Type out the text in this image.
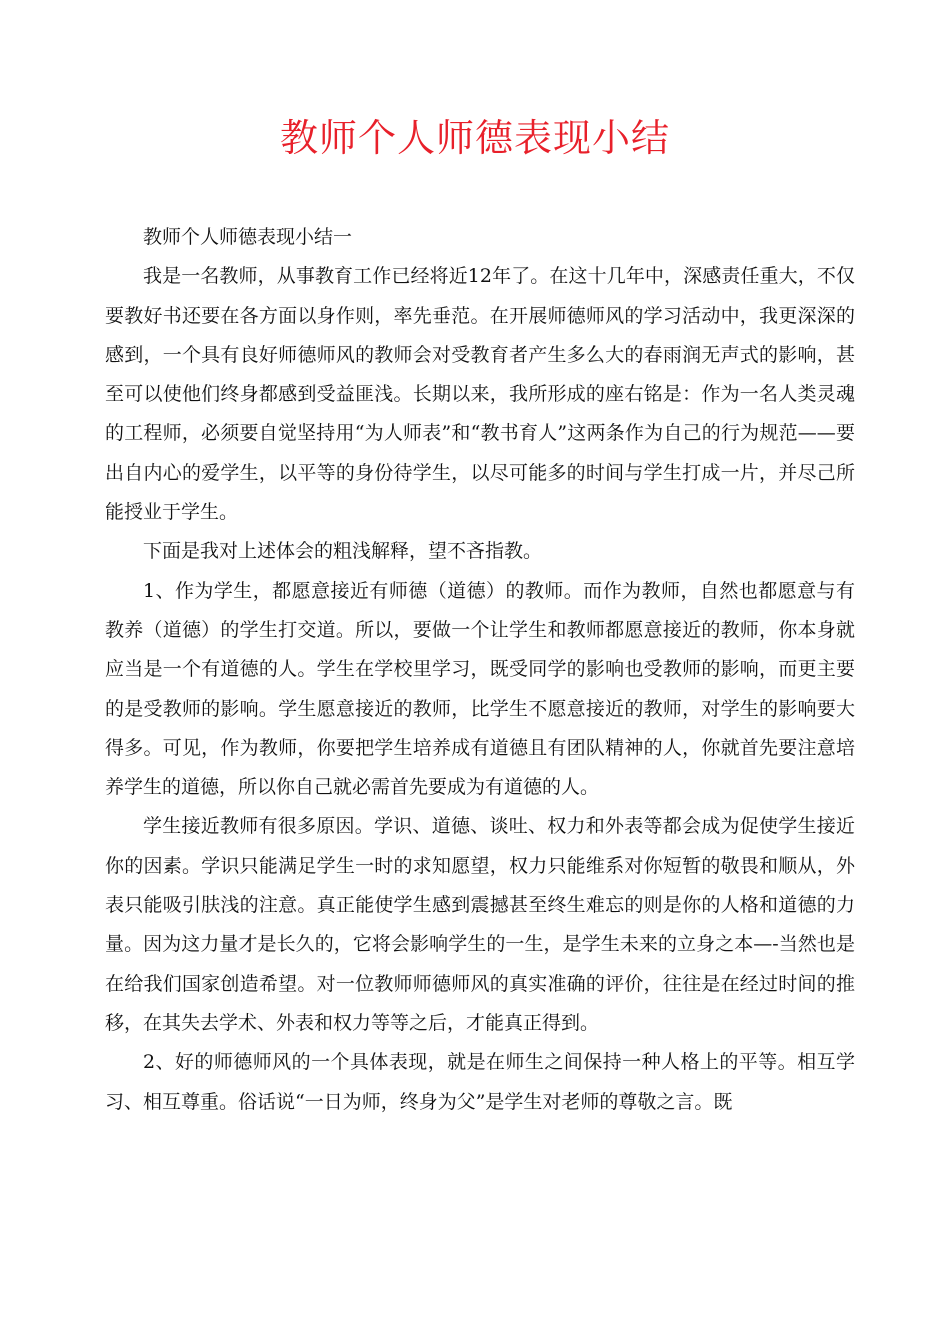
教师个人师德表现小结

教师个人师德表现小结一

我是一名教师，从事教育工作已经将近12年了。在这十几年中，深感责任重大，不仅要教好书还要在各方面以身作则，率先垂范。在开展师德师风的学习活动中，我更深深的感到，一个具有良好师德师风的教师会对受教育者产生多么大的春雨润无声式的影响，甚至可以使他们终身都感到受益匪浅。长期以来，我所形成的座右铭是：作为一名人类灵魂的工程师，必须要自觉坚持用“为人师表”和“教书育人”这两条作为自己的行为规范——要出自内心的爱学生，以平等的身份待学生，以尽可能多的时间与学生打成一片，并尽己所能授业于学生。

下面是我对上述体会的粗浅解释，望不吝指教。

1、作为学生，都愿意接近有师德（道德）的教师。而作为教师，自然也都愿意与有教养（道德）的学生打交道。所以，要做一个让学生和教师都愿意接近的教师，你本身就应当是一个有道德的人。学生在学校里学习，既受同学的影响也受教师的影响，而更主要的是受教师的影响。学生愿意接近的教师，比学生不愿意接近的教师，对学生的影响要大得多。可见，作为教师，你要把学生培养成有道德且有团队精神的人，你就首先要注意培养学生的道德，所以你自己就必需首先要成为有道德的人。

学生接近教师有很多原因。学识、道德、谈吐、权力和外表等都会成为促使学生接近你的因素。学识只能满足学生一时的求知愿望，权力只能维系对你短暂的敬畏和顺从，外表只能吸引肤浅的注意。真正能使学生感到震撼甚至终生难忘的则是你的人格和道德的力量。因为这力量才是长久的，它将会影响学生的一生，是学生未来的立身之本—-当然也是在给我们国家创造希望。对一位教师师德师风的真实准确的评价，往往是在经过时间的推移，在其失去学术、外表和权力等等之后，才能真正得到。

2、好的师德师风的一个具体表现，就是在师生之间保持一种人格上的平等。相互学习、相互尊重。俗话说“一日为师，终身为父”是学生对老师的尊敬之言。既
